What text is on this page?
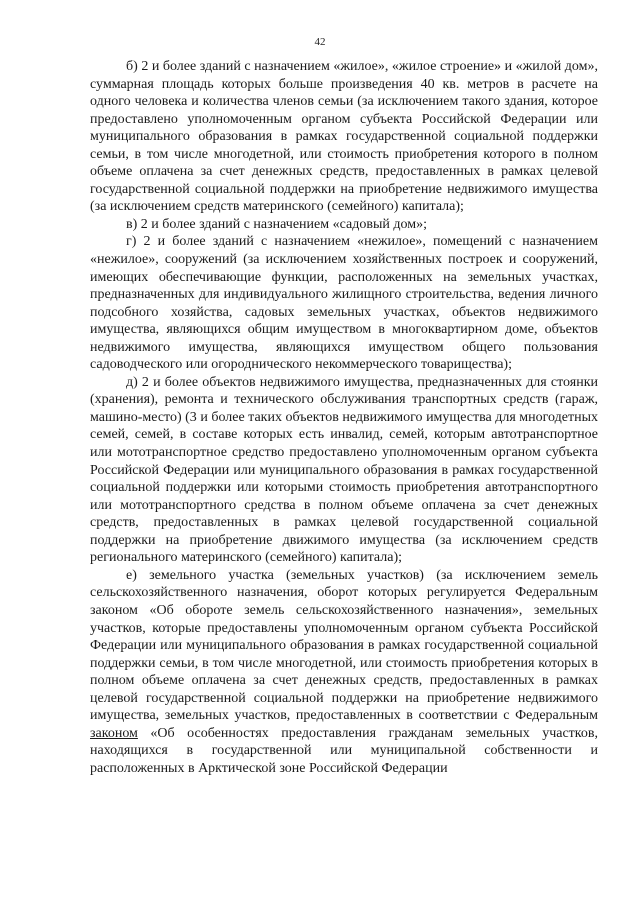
42

б) 2 и более зданий с назначением «жилое», «жилое строение» и «жилой дом», суммарная площадь которых больше произведения 40 кв. метров в расчете на одного человека и количества членов семьи (за исключением такого здания, которое предоставлено уполномоченным органом субъекта Российской Федерации или муниципального образования в рамках государственной социальной поддержки семьи, в том числе многодетной, или стоимость приобретения которого в полном объеме оплачена за счет денежных средств, предоставленных в рамках целевой государственной социальной поддержки на приобретение недвижимого имущества (за исключением средств материнского (семейного) капитала);

в) 2 и более зданий с назначением «садовый дом»;

г) 2 и более зданий с назначением «нежилое», помещений с назначением «нежилое», сооружений (за исключением хозяйственных построек и сооружений, имеющих обеспечивающие функции, расположенных на земельных участках, предназначенных для индивидуального жилищного строительства, ведения личного подсобного хозяйства, садовых земельных участках, объектов недвижимого имущества, являющихся общим имуществом в многоквартирном доме, объектов недвижимого имущества, являющихся имуществом общего пользования садоводческого или огороднического некоммерческого товарищества);

д) 2 и более объектов недвижимого имущества, предназначенных для стоянки (хранения), ремонта и технического обслуживания транспортных средств (гараж, машино-место) (3 и более таких объектов недвижимого имущества для многодетных семей, семей, в составе которых есть инвалид, семей, которым автотранспортное или мототранспортное средство предоставлено уполномоченным органом субъекта Российской Федерации или муниципального образования в рамках государственной социальной поддержки или которыми стоимость приобретения автотранспортного или мототранспортного средства в полном объеме оплачена за счет денежных средств, предоставленных в рамках целевой государственной социальной поддержки на приобретение движимого имущества (за исключением средств регионального материнского (семейного) капитала);

е) земельного участка (земельных участков) (за исключением земель сельскохозяйственного назначения, оборот которых регулируется Федеральным законом «Об обороте земель сельскохозяйственного назначения», земельных участков, которые предоставлены уполномоченным органом субъекта Российской Федерации или муниципального образования в рамках государственной социальной поддержки семьи, в том числе многодетной, или стоимость приобретения которых в полном объеме оплачена за счет денежных средств, предоставленных в рамках целевой государственной социальной поддержки на приобретение недвижимого имущества, земельных участков, предоставленных в соответствии с Федеральным законом «Об особенностях предоставления гражданам земельных участков, находящихся в государственной или муниципальной собственности и расположенных в Арктической зоне Российской Федерации
